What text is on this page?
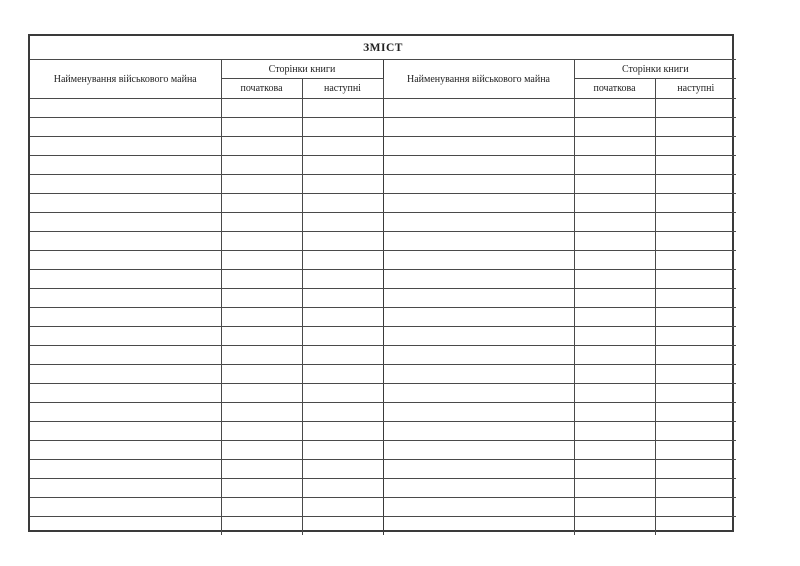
ЗМІСТ					
Найменування військового майна	Сторінки книги		Найменування військового майна	Сторінки книги	
	початкова	наступні		початкова	наступні
